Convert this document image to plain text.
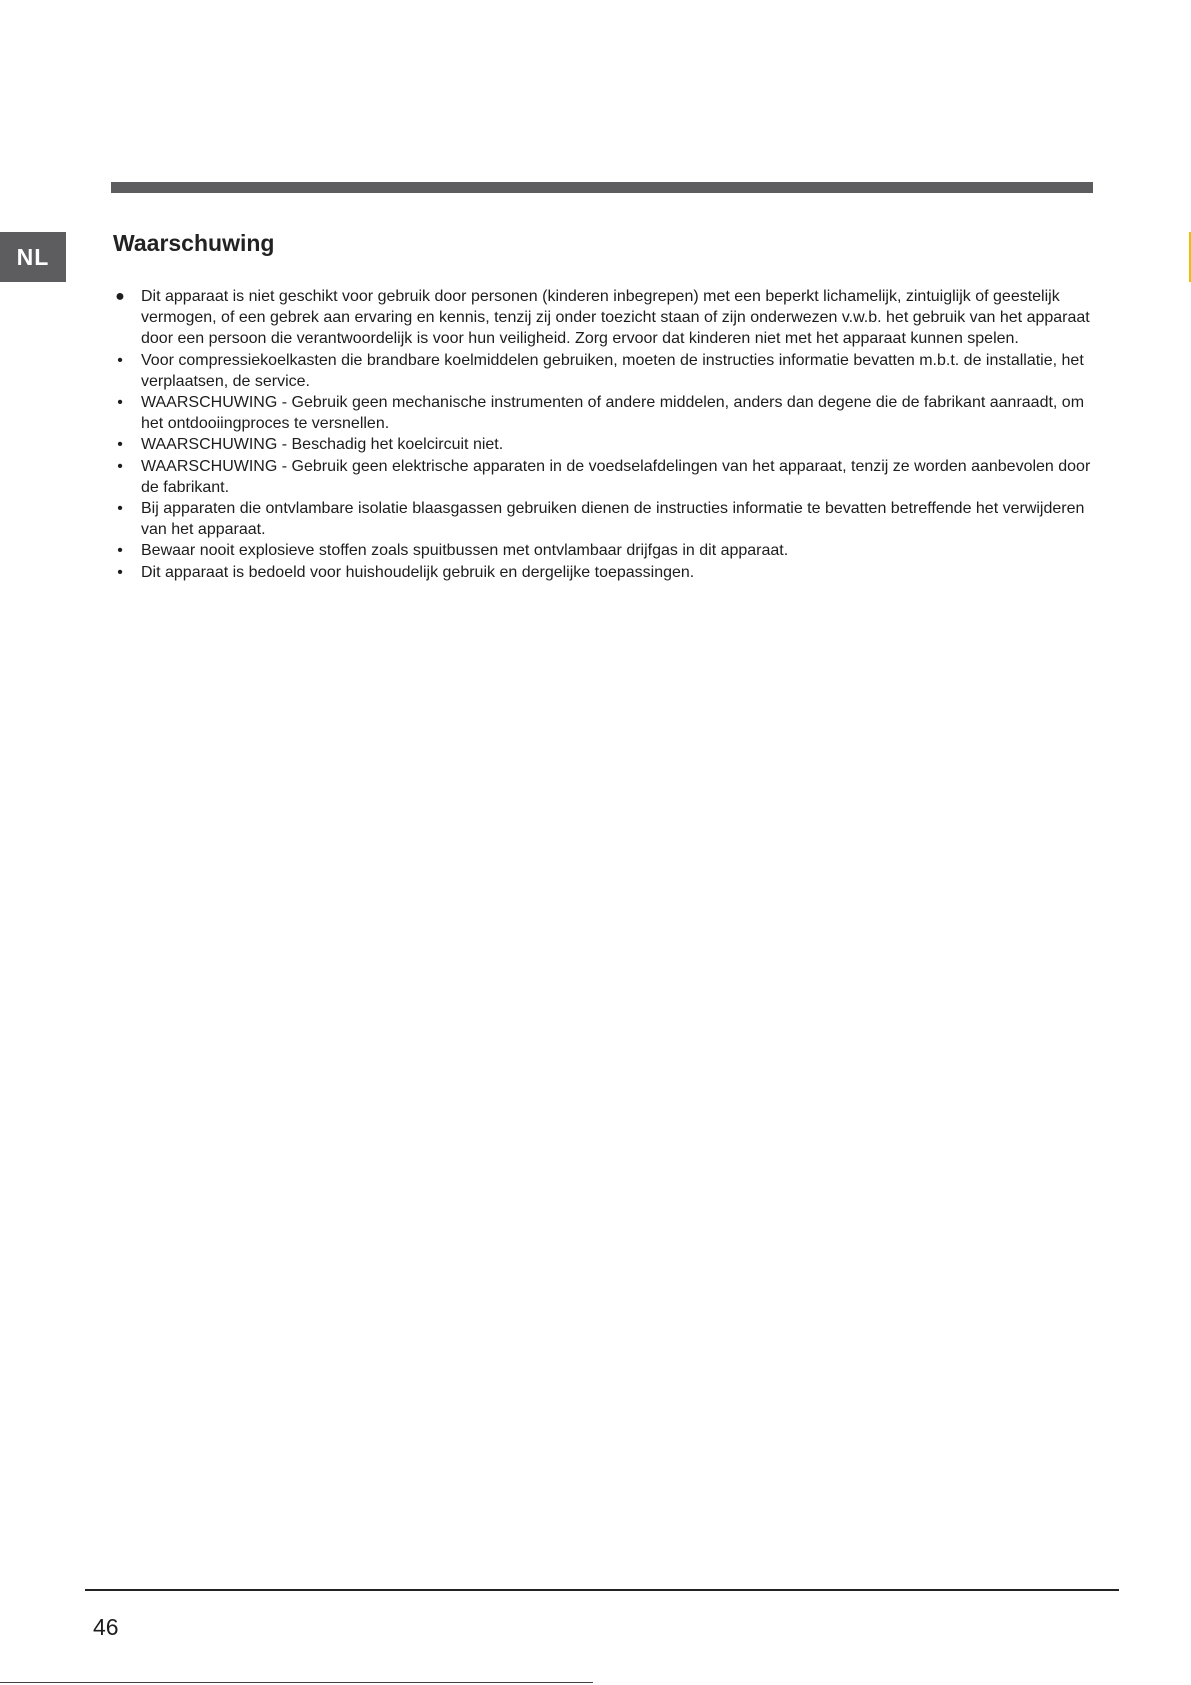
NL
Waarschuwing
● Dit apparaat is niet geschikt voor gebruik door personen (kinderen inbegrepen) met een beperkt lichamelijk, zintuiglijk of geestelijk vermogen, of een gebrek aan ervaring en kennis, tenzij zij onder toezicht staan of zijn onderwezen v.w.b. het gebruik van het apparaat door een persoon die verantwoordelijk is voor hun veiligheid. Zorg ervoor dat kinderen niet met het apparaat kunnen spelen.
• Voor compressiekoelkasten die brandbare koelmiddelen gebruiken, moeten de instructies informatie bevatten m.b.t. de installatie, het verplaatsen, de service.
• WAARSCHUWING - Gebruik geen mechanische instrumenten of andere middelen, anders dan degene die de fabrikant aanraadt, om het ontdooiingproces te versnellen.
• WAARSCHUWING - Beschadig het koelcircuit niet.
• WAARSCHUWING - Gebruik geen elektrische apparaten in de voedselafdelingen van het apparaat, tenzij ze worden aanbevolen door de fabrikant.
• Bij apparaten die ontvlambare isolatie blaasgassen gebruiken dienen de instructies informatie te bevatten betreffende het verwijderen van het apparaat.
• Bewaar nooit explosieve stoffen zoals spuitbussen met ontvlambaar drijfgas in dit apparaat.
• Dit apparaat is bedoeld voor huishoudelijk gebruik en dergelijke toepassingen.
46
